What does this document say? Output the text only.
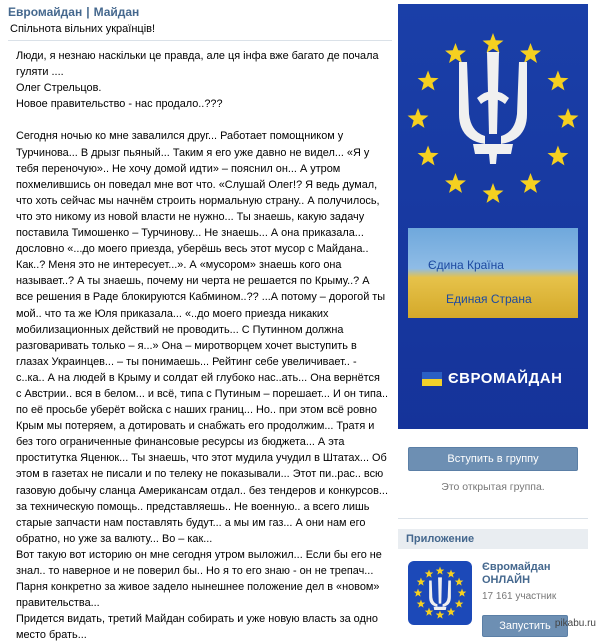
Евромайдан | Майдан
Спільнота вільних українців!
Люди, я незнаю наскільки це правда, але ця інфа вже багато де почала гуляти ....
Олег Стрельцов.
Новое правительство - нас продало..???

Сегодня ночью ко мне завалился друг... Работает помощником у Турчинова... В дрызг пьяный... Таким я его уже давно не видел... «Я у тебя переночую».. Не хочу домой идти» – пояснил он... А утром похмелившись он поведал мне вот что. «Слушай Олег!? Я ведь думал, что хоть сейчас мы начнём строить нормальную страну.. А получилось, что это никому из новой власти не нужно... Ты знаешь, какую задачу поставила Тимошенко – Турчинову... Не знаешь... А она приказала... дословно «...до моего приезда, уберёшь весь этот мусор с Майдана.. Как..? Меня это не интересует...». А «мусором» знаешь кого она называет..? А ты знаешь, почему ни черта не решается по Крыму..? А все решения в Раде блокируются Кабмином..?? ...А потому – дорогой ты мой.. что та же Юля приказала... «..до моего приезда никаких мобилизационных действий не проводить... С Путинном должна разговаривать только – я...» Она – миротворцем хочет выступить в глазах Украинцев... – ты понимаешь... Рейтинг себе увеличивает.. - с..ка.. А на людей в Крыму и солдат ей глубоко нас..ать... Она вернётся с Австрии.. вся в белом... и всё, типа с Путиным – порешает... И он типа.. по её просьбе уберёт войска с наших границ... Но.. при этом всё ровно Крым мы потеряем, а дотировать и снабжать его продолжим... Тратя и без того ограниченные финансовые ресурсы из бюджета... А эта проститутка Яценюк... Ты знаешь, что этот мудила учудил в Штатах... Об этом в газетах не писали и по телеку не показывали... Этот пи..рас.. всю газовую добычу сланца Американсам отдал.. без тендеров и конкурсов... за техническую помощь.. представляешь.. Не военную.. а всего лишь старые запчасти нам поставлять будут... а мы им газ... А они нам его обратно, но уже за валюту... Во – как...
Вот такую вот историю он мне сегодня утром выложил... Если бы его не знал.. то наверное и не поверил бы.. Но я то его знаю - он не трепач... Парня конкретно за живое задело нынешнее положение дел в «новом» правительства...
Придется видать, третий Майдан собирать и уже новую власть за одно место брать...
Єдина Країна
Единая Страна
ЄВРОМАЙДАН
Вступить в группу
Это открытая группа.
Приложение
Євромайдан ОНЛАЙН
17 161 участник
Запустить pikabu.ru
